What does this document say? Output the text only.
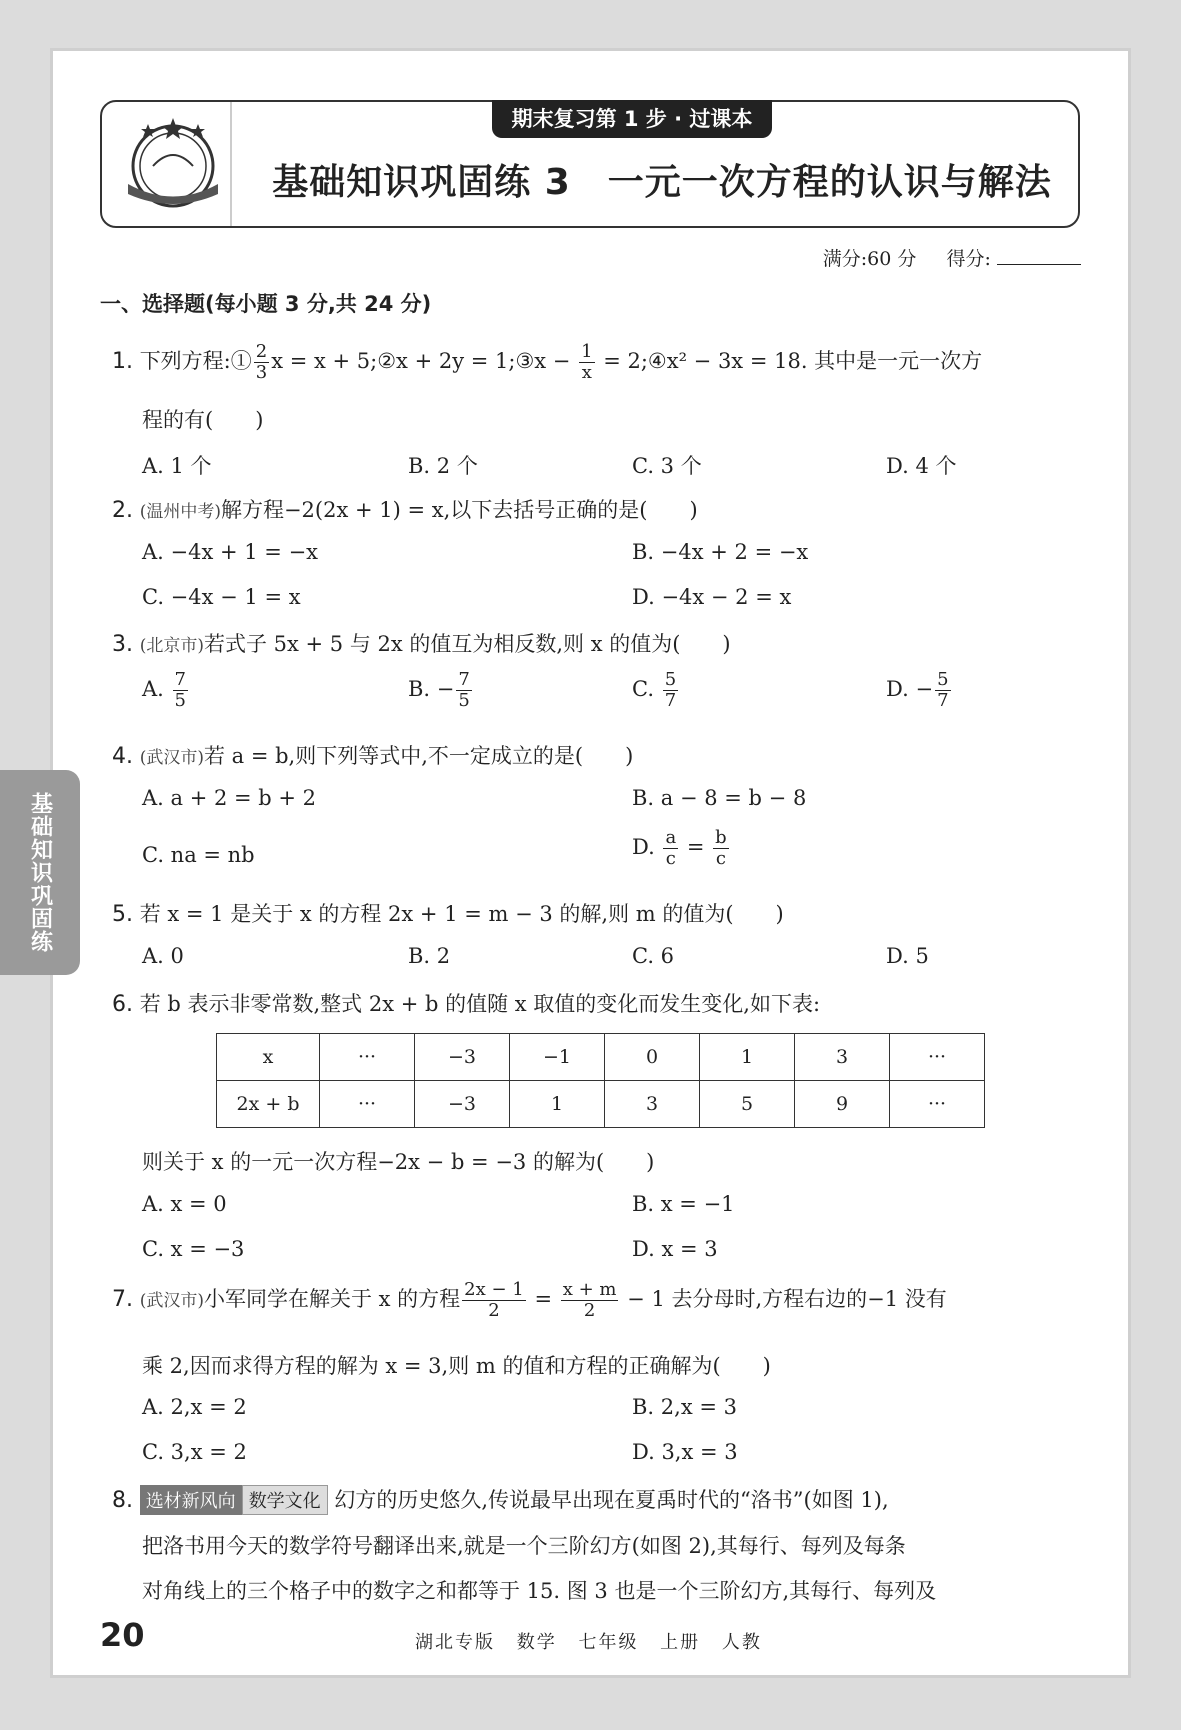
期末复习第 1 步 · 过课本
基础知识巩固练 3　一元一次方程的认识与解法
满分:60 分 得分:
基础知识巩固练
一、选择题(每小题 3 分,共 24 分)
1. 下列方程:① $\frac{2}{3}$ x = x + 5;②x + 2y = 1;③x − $\frac{1}{x}$ = 2;④x² − 3x = 18. 其中是一元一次方
程的有(　　)
A. 1 个	B. 2 个	C. 3 个	D. 4 个
2. (温州中考)解方程−2(2x + 1) = x,以下去括号正确的是(　　)
A. −4x + 1 = −x	B. −4x + 2 = −x
C. −4x − 1 = x	D. −4x − 2 = x
3. (北京市)若式子 5x + 5 与 2x 的值互为相反数,则 x 的值为(　　)
A. $\frac{7}{5}$	B. − $\frac{7}{5}$	C. $\frac{5}{7}$	D. − $\frac{5}{7}$
4. (武汉市)若 a = b,则下列等式中,不一定成立的是(　　)
A. a + 2 = b + 2	B. a − 8 = b − 8
C. na = nb	D. $\frac{a}{c} = \frac{b}{c}$
5. 若 x = 1 是关于 x 的方程 2x + 1 = m − 3 的解,则 m 的值为(　　)
A. 0	B. 2	C. 6	D. 5
6. 若 b 表示非零常数,整式 2x + b 的值随 x 取值的变化而发生变化,如下表:
x	···	−3	−1	0	1	3	···
2x + b	···	−3	1	3	5	9	···
则关于 x 的一元一次方程−2x − b = −3 的解为(　　)
A. x = 0	B. x = −1
C. x = −3	D. x = 3
7. (武汉市)小军同学在解关于 x 的方程 $\frac{2x - 1}{2} = \frac{x + m}{2} - 1$ 去分母时,方程右边的−1 没有
乘 2,因而求得方程的解为 x = 3,则 m 的值和方程的正确解为(　　)
A. 2,x = 2	B. 2,x = 3
C. 3,x = 2	D. 3,x = 3
8. 选材新风向 数学文化 幻方的历史悠久,传说最早出现在夏禹时代的“洛书”(如图 1),
把洛书用今天的数学符号翻译出来,就是一个三阶幻方(如图 2),其每行、每列及每条
对角线上的三个格子中的数字之和都等于 15. 图 3 也是一个三阶幻方,其每行、每列及
20	湖北专版 数学 七年级 上册 人教
